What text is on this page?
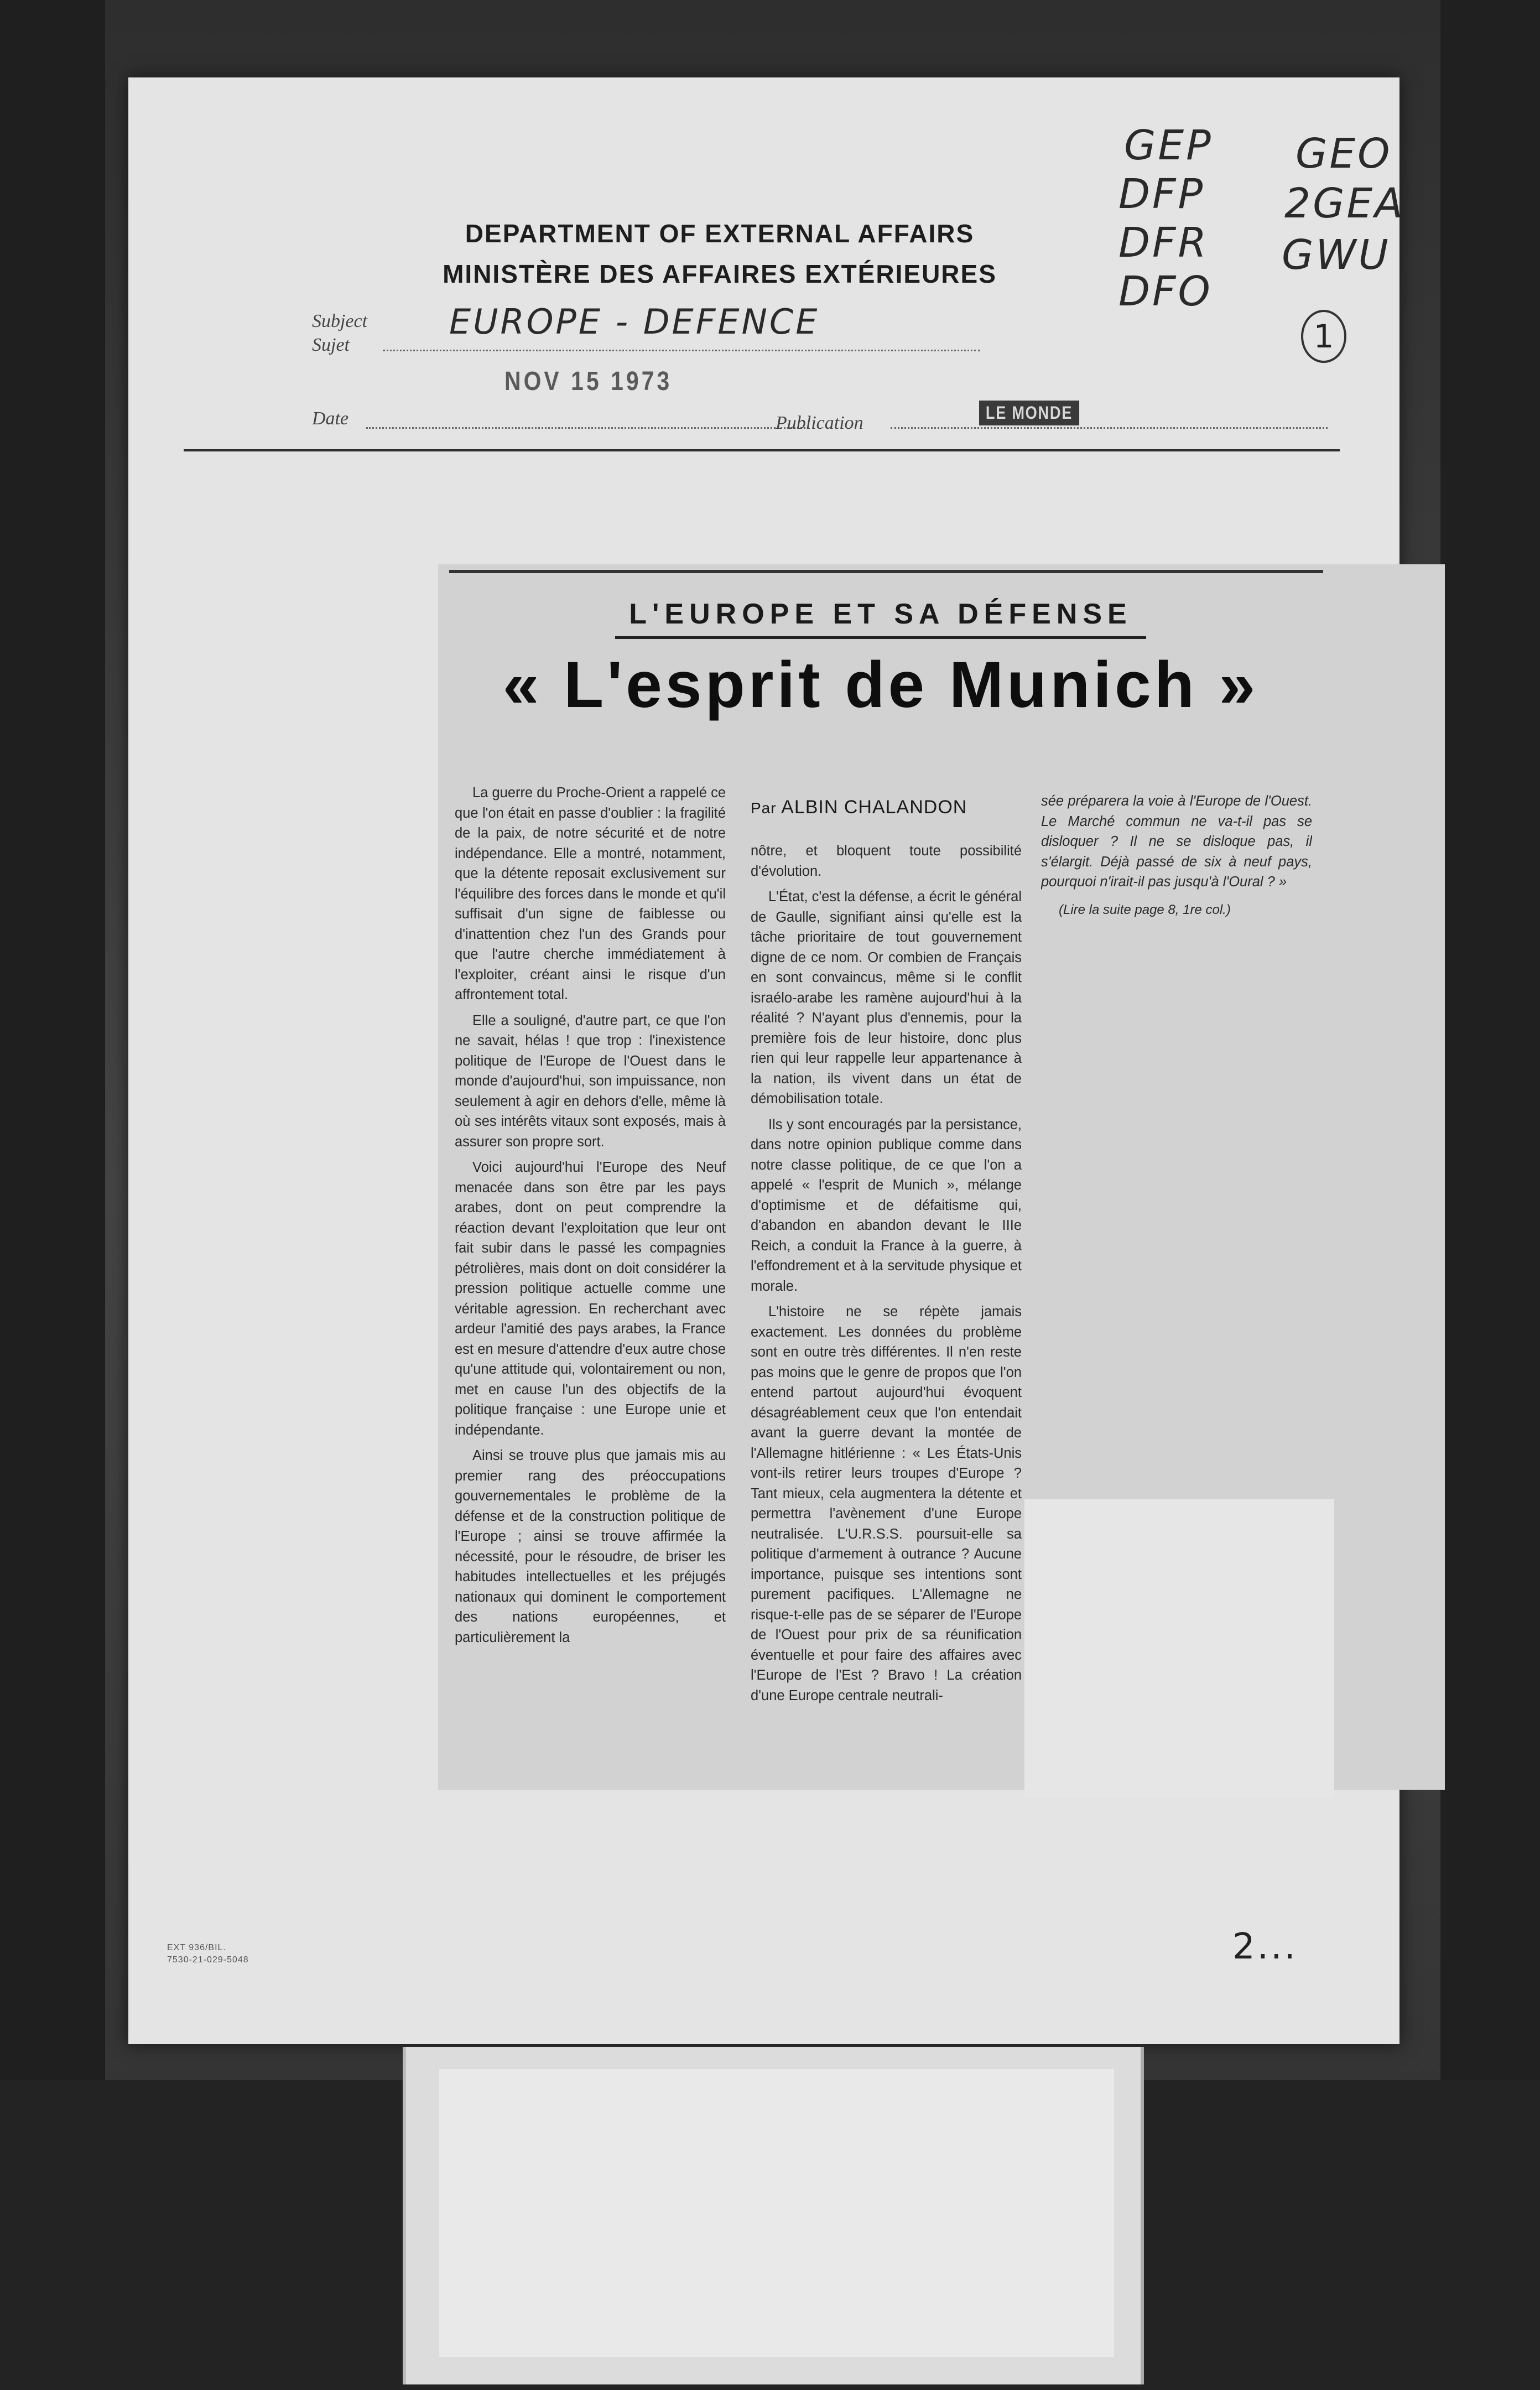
DEPARTMENT OF EXTERNAL AFFAIRS
MINISTÈRE DES AFFAIRES EXTÉRIEURES
GEP
DFP
DFR
DFO
GEO
2GEA
GWU
1
Subject
Sujet
EUROPE - DEFENCE
NOV 15 1973
Date	Publication	LE MONDE
L'EUROPE ET SA DÉFENSE
« L'esprit de Munich »
Par ALBIN CHALANDON

La guerre du Proche-Orient a rappelé ce que l'on était en passe d'oublier : la fragilité de la paix, de notre sécurité et de notre indépendance. Elle a montré, notamment, que la détente reposait exclusivement sur l'équilibre des forces dans le monde et qu'il suffisait d'un signe de faiblesse ou d'inattention chez l'un des Grands pour que l'autre cherche immédiatement à l'exploiter, créant ainsi le risque d'un affrontement total.

Elle a souligné, d'autre part, ce que l'on ne savait, hélas ! que trop : l'inexistence politique de l'Europe de l'Ouest dans le monde d'aujourd'hui, son impuissance, non seulement à agir en dehors d'elle, même là où ses intérêts vitaux sont exposés, mais à assurer son propre sort.

Voici aujourd'hui l'Europe des Neuf menacée dans son être par les pays arabes, dont on peut comprendre la réaction devant l'exploitation que leur ont fait subir dans le passé les compagnies pétrolières, mais dont on doit considérer la pression politique actuelle comme une véritable agression. En recherchant avec ardeur l'amitié des pays arabes, la France est en mesure d'attendre d'eux autre chose qu'une attitude qui, volontairement ou non, met en cause l'un des objectifs de la politique française : une Europe unie et indépendante.

Ainsi se trouve plus que jamais mis au premier rang des préoccupations gouvernementales le problème de la défense et de la construction politique de l'Europe ; ainsi se trouve affirmée la nécessité, pour le résoudre, de briser les habitudes intellectuelles et les préjugés nationaux qui dominent le comportement des nations européennes, et particulièrement la

nôtre, et bloquent toute possibilité d'évolution.

L'État, c'est la défense, a écrit le général de Gaulle, signifiant ainsi qu'elle est la tâche prioritaire de tout gouvernement digne de ce nom. Or combien de Français en sont convaincus, même si le conflit israélo-arabe les ramène aujourd'hui à la réalité ? N'ayant plus d'ennemis, pour la première fois de leur histoire, donc plus rien qui leur rappelle leur appartenance à la nation, ils vivent dans un état de démobilisation totale.

Ils y sont encouragés par la persistance, dans notre opinion publique comme dans notre classe politique, de ce que l'on a appelé « l'esprit de Munich », mélange d'optimisme et de défaitisme qui, d'abandon en abandon devant le IIIe Reich, a conduit la France à la guerre, à l'effondrement et à la servitude physique et morale.

L'histoire ne se répète jamais exactement. Les données du problème sont en outre très différentes. Il n'en reste pas moins que le genre de propos que l'on entend partout aujourd'hui évoquent désagréablement ceux que l'on entendait avant la guerre devant la montée de l'Allemagne hitlérienne : « Les États-Unis vont-ils retirer leurs troupes d'Europe ? Tant mieux, cela augmentera la détente et permettra l'avènement d'une Europe neutralisée. L'U.R.S.S. poursuit-elle sa politique d'armement à outrance ? Aucune importance, puisque ses intentions sont purement pacifiques. L'Allemagne ne risque-t-elle pas de se séparer de l'Europe de l'Ouest pour prix de sa réunification éventuelle et pour faire des affaires avec l'Europe de l'Est ? Bravo ! La création d'une Europe centrale neutrali-

sée préparera la voie à l'Europe de l'Ouest. Le Marché commun ne va-t-il pas se disloquer ? Il ne se disloque pas, il s'élargit. Déjà passé de six à neuf pays, pourquoi n'irait-il pas jusqu'à l'Oural ? »

(Lire la suite page 8, 1re col.)

EXT 936/BIL.
7530-21-029-5048	2...
